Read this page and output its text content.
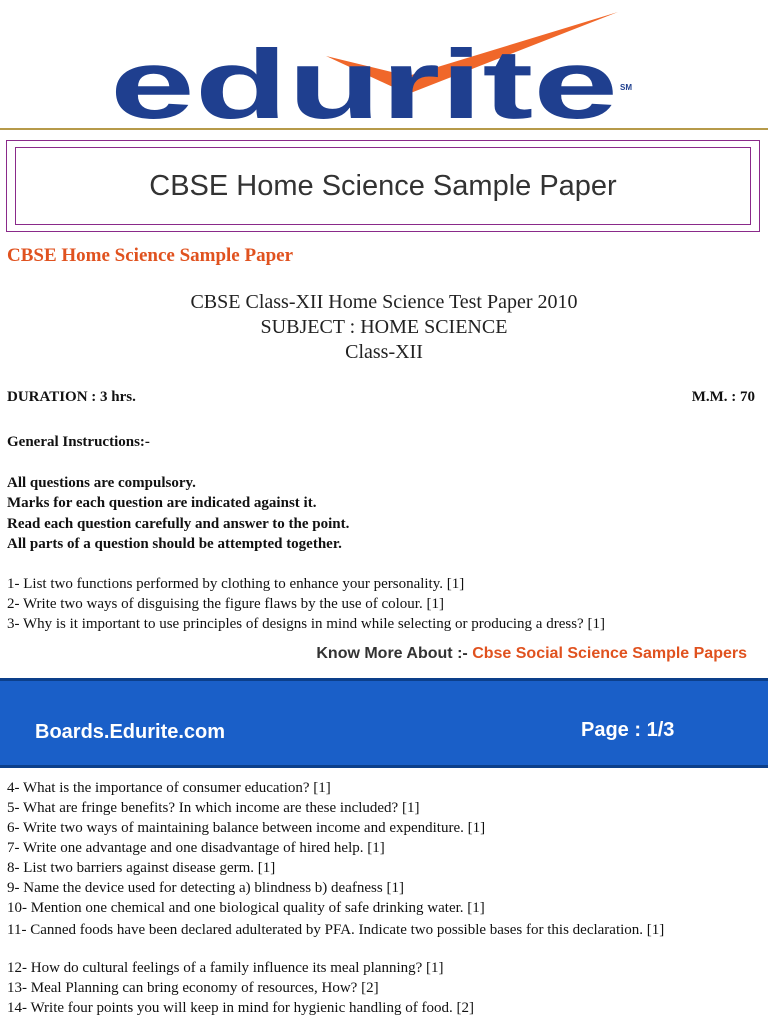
edurite SM
CBSE Home Science Sample Paper
CBSE Home Science Sample Paper
CBSE Class-XII Home Science Test Paper 2010
SUBJECT : HOME SCIENCE
Class-XII
DURATION : 3 hrs.	M.M. : 70
General Instructions:-
All questions are compulsory.
Marks for each question are indicated against it.
Read each question carefully and answer to the point.
All parts of a question should be attempted together.
1- List two functions performed by clothing to enhance your personality. [1]
2- Write two ways of disguising the figure flaws by the use of colour. [1]
3- Why is it important to use principles of designs in mind while selecting or producing a dress? [1]
Know More About :- Cbse Social Science Sample Papers
Boards.Edurite.com	Page : 1/3
4- What is the importance of consumer education? [1]
5- What are fringe benefits? In which income are these included? [1]
6- Write two ways of maintaining balance between income and expenditure. [1]
7- Write one advantage and one disadvantage of hired help. [1]
8- List two barriers against disease germ. [1]
9- Name the device used for detecting a) blindness b) deafness [1]
10- Mention one chemical and one biological quality of safe drinking water. [1]
11- Canned foods have been declared adulterated by PFA. Indicate two possible bases for this declaration. [1]
12- How do cultural feelings of a family influence its meal planning? [1]
13- Meal Planning can bring economy of resources, How? [2]
14- Write four points you will keep in mind for hygienic handling of food. [2]
